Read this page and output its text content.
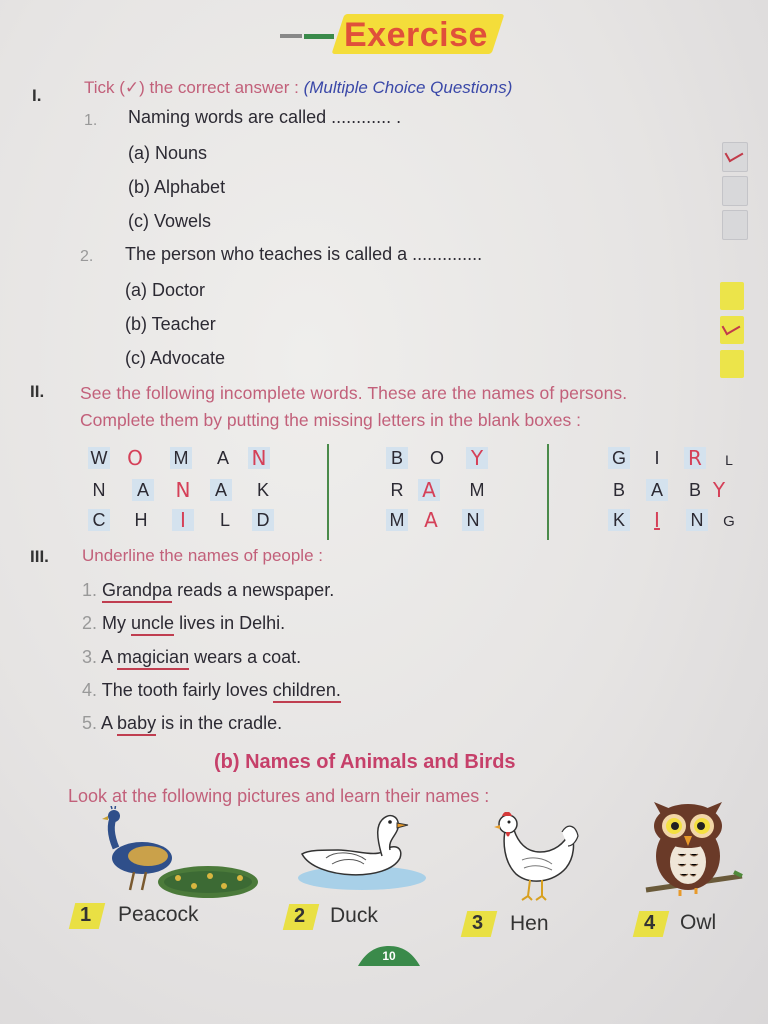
Exercise
I.	Tick (✓) the correct answer : (Multiple Choice Questions)
1. Naming words are called ............ .
(a) Nouns
(b) Alphabet
(c) Vowels
2. The person who teaches is called a ..............
(a) Doctor
(b) Teacher
(c) Advocate
II. See the following incomplete words. These are the names of persons.
Complete them by putting the missing letters in the blank boxes :
W O M A N
N A N A K
C H	I	L	D
B O Y
R A M
M A N
G	I	R	L
B A B Y
K	I	N	G
III. Underline the names of people :
1. Grandpa reads a newspaper.
2. My uncle lives in Delhi.
3. A magician wears a coat.
4. The tooth fairly loves children.
5. A baby is in the cradle.
(b) Names of Animals and Birds
Look at the following pictures and learn their names :
1 Peacock	2 Duck	3 Hen	4 Owl
10
